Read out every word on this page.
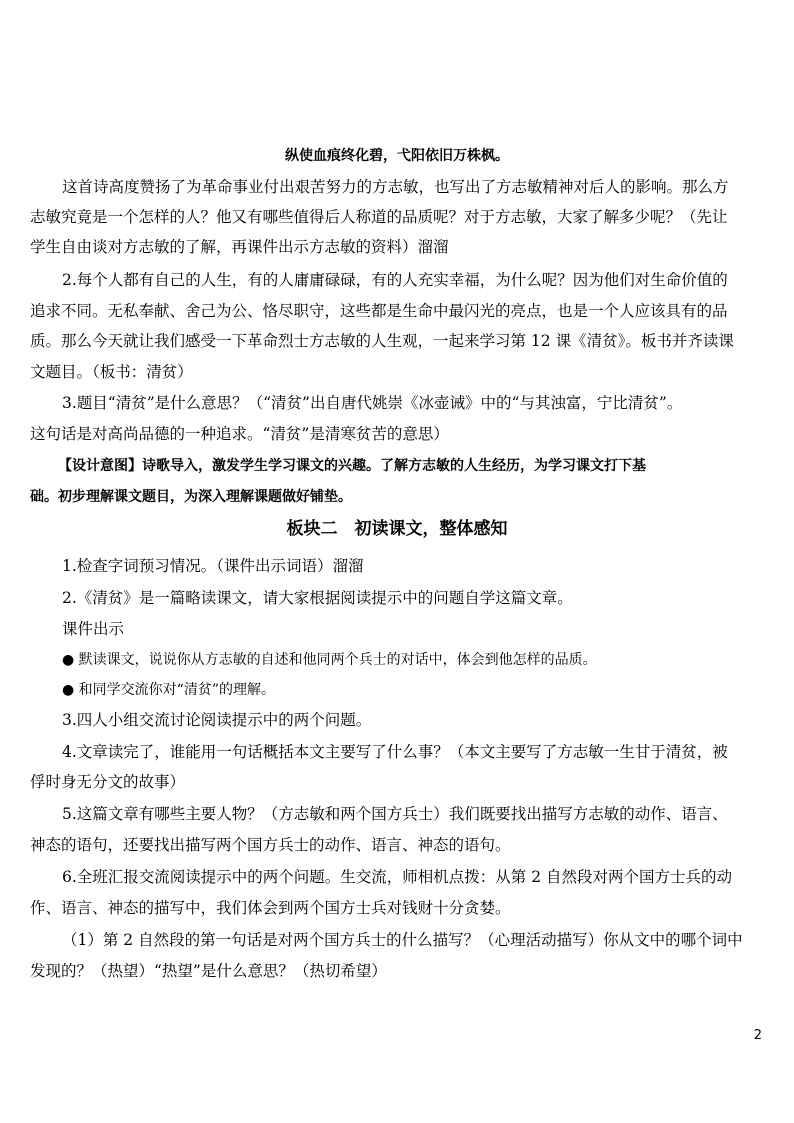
纵使血痕终化碧，弋阳依旧万株枫。
这首诗高度赞扬了为革命事业付出艰苦努力的方志敏，也写出了方志敏精神对后人的影响。那么方
志敏究竟是一个怎样的人？他又有哪些值得后人称道的品质呢？对于方志敏，大家了解多少呢？（先让
学生自由谈对方志敏的了解，再课件出示方志敏的资料）溜溜
2.每个人都有自己的人生，有的人庸庸碌碌，有的人充实幸福，为什么呢？因为他们对生命价值的
追求不同。无私奉献、舍己为公、恪尽职守，这些都是生命中最闪光的亮点，也是一个人应该具有的品
质。那么今天就让我们感受一下革命烈士方志敏的人生观，一起来学习第 12 课《清贫》。板书并齐读课
文题目。（板书：清贫）
3.题目“清贫”是什么意思？（“清贫”出自唐代姚崇《冰壶诫》中的“与其浊富，宁比清贫”。
这句话是对高尚品德的一种追求。“清贫”是清寒贫苦的意思）
【设计意图】诗歌导入，激发学生学习课文的兴趣。了解方志敏的人生经历，为学习课文打下基
础。初步理解课文题目，为深入理解课题做好铺垫。
板块二　初读课文，整体感知
1.检查字词预习情况。（课件出示词语）溜溜
2.《清贫》是一篇略读课文，请大家根据阅读提示中的问题自学这篇文章。
课件出示
● 默读课文，说说你从方志敏的自述和他同两个兵士的对话中，体会到他怎样的品质。
● 和同学交流你对“清贫”的理解。
3.四人小组交流讨论阅读提示中的两个问题。
4.文章读完了，谁能用一句话概括本文主要写了什么事？（本文主要写了方志敏一生甘于清贫，被
俘时身无分文的故事）
5.这篇文章有哪些主要人物？（方志敏和两个国方兵士）我们既要找出描写方志敏的动作、语言、
神态的语句，还要找出描写两个国方兵士的动作、语言、神态的语句。
6.全班汇报交流阅读提示中的两个问题。生交流，师相机点拨：从第 2 自然段对两个国方士兵的动
作、语言、神态的描写中，我们体会到两个国方士兵对钱财十分贪婪。
（1）第 2 自然段的第一句话是对两个国方兵士的什么描写？（心理活动描写）你从文中的哪个词中
发现的？（热望）“热望”是什么意思？（热切希望）
2
